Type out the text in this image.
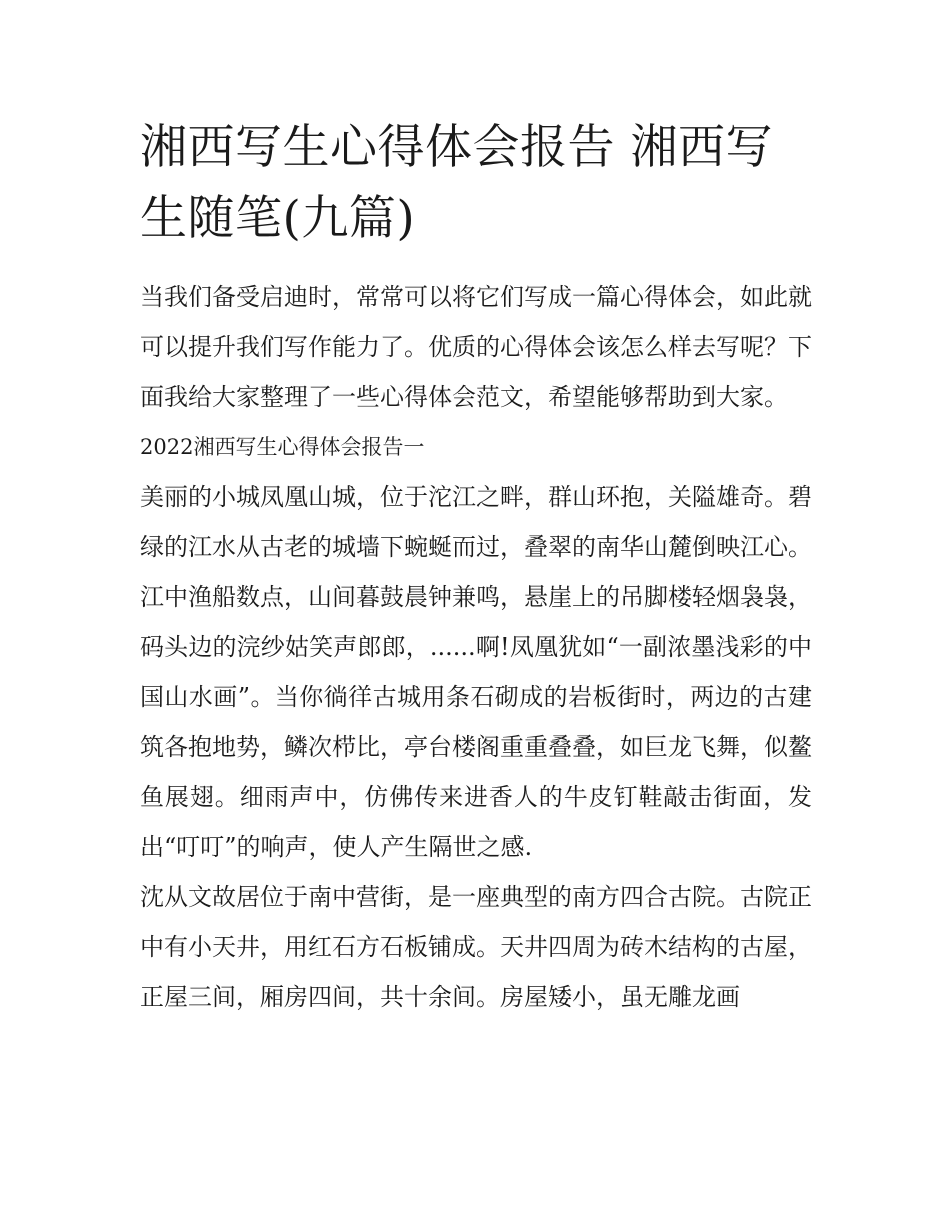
湘西写生心得体会报告 湘西写生随笔(九篇)

当我们备受启迪时，常常可以将它们写成一篇心得体会，如此就可以提升我们写作能力了。优质的心得体会该怎么样去写呢？下面我给大家整理了一些心得体会范文，希望能够帮助到大家。

2022湘西写生心得体会报告一

美丽的小城凤凰山城，位于沱江之畔，群山环抱，关隘雄奇。碧绿的江水从古老的城墙下蜿蜒而过，叠翠的南华山麓倒映江心。江中渔船数点，山间暮鼓晨钟兼鸣，悬崖上的吊脚楼轻烟袅袅，码头边的浣纱姑笑声郎郎，......啊!凤凰犹如“一副浓墨浅彩的中国山水画”。当你徜徉古城用条石砌成的岩板街时，两边的古建筑各抱地势，鳞次栉比，亭台楼阁重重叠叠，如巨龙飞舞，似鳌鱼展翅。细雨声中，仿佛传来进香人的牛皮钉鞋敲击街面，发出“叮叮”的响声，使人产生隔世之感.

沈从文故居位于南中营街，是一座典型的南方四合古院。古院正中有小天井，用红石方石板铺成。天井四周为砖木结构的古屋，正屋三间，厢房四间，共十余间。房屋矮小，虽无雕龙画
